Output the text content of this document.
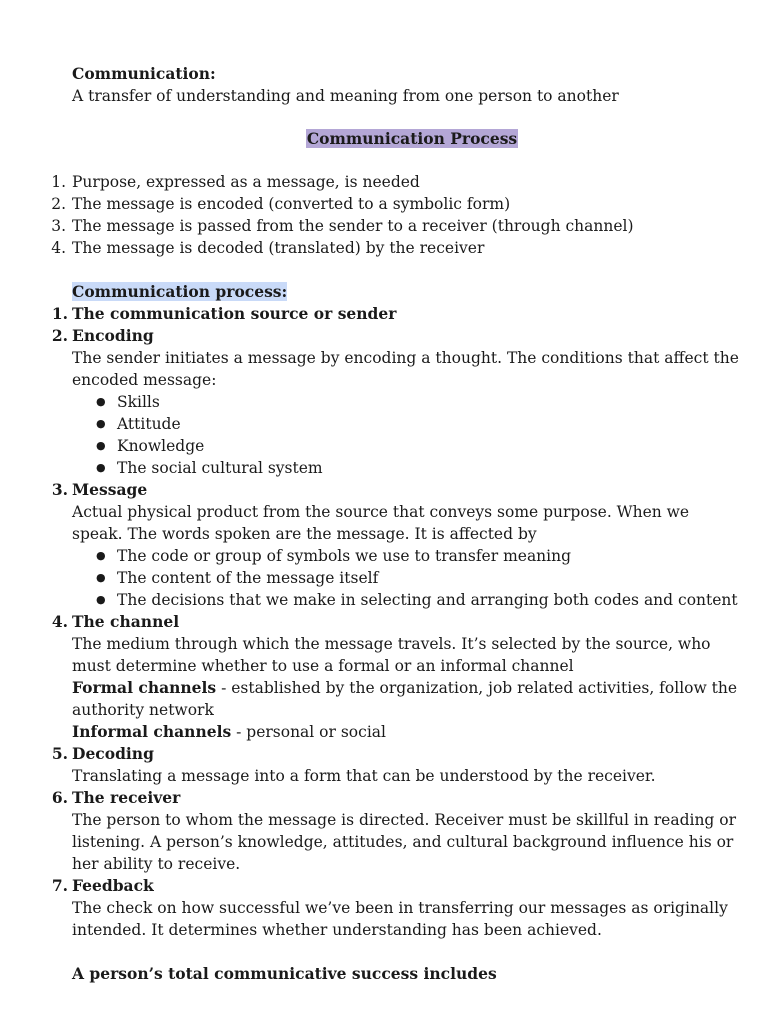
Communication:

A transfer of understanding and meaning from one person to another

Communication Process
1. Purpose, expressed as a message, is needed
2. The message is encoded (converted to a symbolic form)
3. The message is passed from the sender to a receiver (through channel)
4. The message is decoded (translated) by the receiver

Communication process:

1. The communication source or sender
2. Encoding

The sender initiates a message by encoding a thought. The conditions that affect the encoded message:

● Skills
● Attitude
● Knowledge
● The social cultural system
3. Message

Actual physical product from the source that conveys some purpose. When we speak. The words spoken are the message. It is affected by

● The code or group of symbols we use to transfer meaning
● The content of the message itself
● The decisions that we make in selecting and arranging both codes and content
4. The channel

The medium through which the message travels. It’s selected by the source, who must determine whether to use a formal or an informal channel

Formal channels - established by the organization, job related activities, follow the authority network

Informal channels - personal or social

5. Decoding

Translating a message into a form that can be understood by the receiver.

6. The receiver

The person to whom the message is directed. Receiver must be skillful in reading or listening. A person’s knowledge, attitudes, and cultural background influence his or her ability to receive.

7. Feedback

The check on how successful we’ve been in transferring our messages as originally intended. It determines whether understanding has been achieved.

A person’s total communicative success includes
